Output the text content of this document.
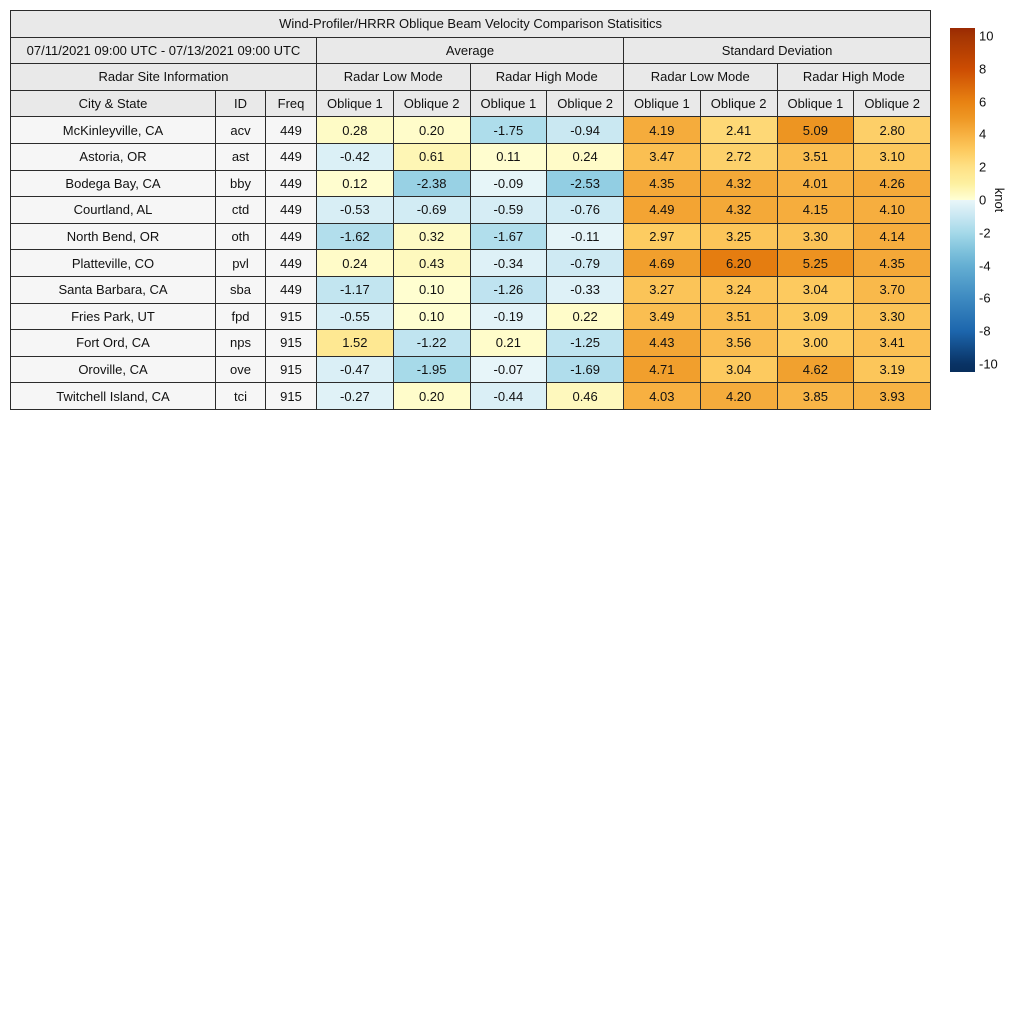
Wind-Profiler/HRRR Oblique Beam Velocity Comparison Statisitics										
07/11/2021 09:00 UTC - 07/13/2021 09:00 UTC			Average				Standard Deviation			
Radar Site Information			Radar Low Mode		Radar High Mode		Radar Low Mode		Radar High Mode	
City & State	ID	Freq	Oblique 1	Oblique 2	Oblique 1	Oblique 2	Oblique 1	Oblique 2	Oblique 1	Oblique 2
McKinleyville, CA	acv	449	0.28	0.20	-1.75	-0.94	4.19	2.41	5.09	2.80
Astoria, OR	ast	449	-0.42	0.61	0.11	0.24	3.47	2.72	3.51	3.10
Bodega Bay, CA	bby	449	0.12	-2.38	-0.09	-2.53	4.35	4.32	4.01	4.26
Courtland, AL	ctd	449	-0.53	-0.69	-0.59	-0.76	4.49	4.32	4.15	4.10
North Bend, OR	oth	449	-1.62	0.32	-1.67	-0.11	2.97	3.25	3.30	4.14
Platteville, CO	pvl	449	0.24	0.43	-0.34	-0.79	4.69	6.20	5.25	4.35
Santa Barbara, CA	sba	449	-1.17	0.10	-1.26	-0.33	3.27	3.24	3.04	3.70
Fries Park, UT	fpd	915	-0.55	0.10	-0.19	0.22	3.49	3.51	3.09	3.30
Fort Ord, CA	nps	915	1.52	-1.22	0.21	-1.25	4.43	3.56	3.00	3.41
Oroville, CA	ove	915	-0.47	-1.95	-0.07	-1.69	4.71	3.04	4.62	3.19
Twitchell Island, CA	tci	915	-0.27	0.20	-0.44	0.46	4.03	4.20	3.85	3.93
10
8
6
4
2
0
-2
-4
-6
-8
-10
knot
